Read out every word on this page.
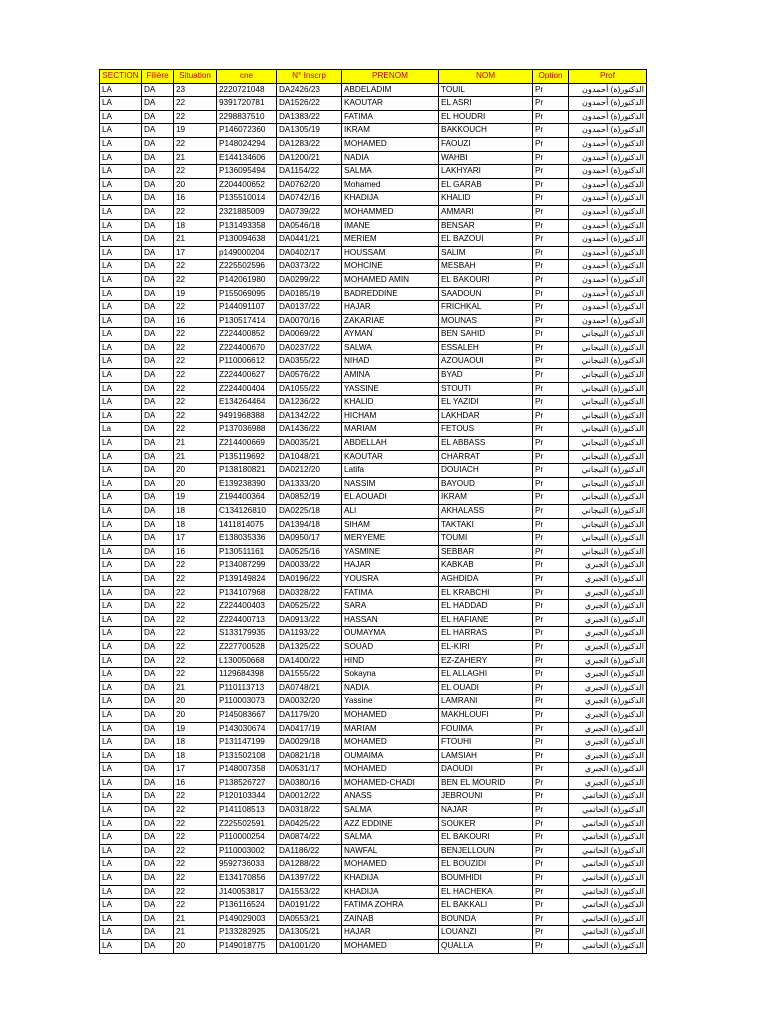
SECTION	Filière	Situation	cne	N° Inscrp	PRENOM	NOM	Option	Prof
LA	DA	23	2220721048	DA2426/23	ABDELADIM	TOUIL	Pr	الدكتور(ة) أحمدون
LA	DA	22	9391720781	DA1526/22	KAOUTAR	EL ASRI	Pr	الدكتور(ة) أحمدون
LA	DA	22	2298837510	DA1383/22	FATIMA	EL HOUDRI	Pr	الدكتور(ة) أحمدون
LA	DA	19	P146072360	DA1305/19	IKRAM	BAKKOUCH	Pr	الدكتور(ة) أحمدون
LA	DA	22	P148024294	DA1283/22	MOHAMED	FAOUZI	Pr	الدكتور(ة) أحمدون
LA	DA	21	E144134606	DA1200/21	NADIA	WAHBI	Pr	الدكتور(ة) أحمدون
LA	DA	22	P136095494	DA1154/22	SALMA	LAKHYARI	Pr	الدكتور(ة) أحمدون
LA	DA	20	Z204400652	DA0762/20	Mohamed	EL GARAB	Pr	الدكتور(ة) أحمدون
LA	DA	16	P135510014	DA0742/16	KHADIJA	KHALID	Pr	الدكتور(ة) أحمدون
LA	DA	22	2321885009	DA0739/22	MOHAMMED	AMMARI	Pr	الدكتور(ة) أحمدون
LA	DA	18	P131493358	DA0546/18	IMANE	BENSAR	Pr	الدكتور(ة) أحمدون
LA	DA	21	P130094638	DA0441/21	MERIEM	EL BAZOUI	Pr	الدكتور(ة) أحمدون
LA	DA	17	p149000204	DA0402/17	HOUSSAM	SALIM	Pr	الدكتور(ة) أحمدون
LA	DA	22	Z225502596	DA0373/22	MOHCINE	MESBAH	Pr	الدكتور(ة) أحمدون
LA	DA	22	P142061980	DA0299/22	MOHAMED AMIN	EL BAKOURI	Pr	الدكتور(ة) أحمدون
LA	DA	19	P155069095	DA0185/19	BADREDDINE	SAADOUN	Pr	الدكتور(ة) أحمدون
LA	DA	22	P144091107	DA0137/22	HAJAR	FRICHKAL	Pr	الدكتور(ة) أحمدون
LA	DA	16	P130517414	DA0070/16	ZAKARIAE	MOUNAS	Pr	الدكتور(ة) أحمدون
LA	DA	22	Z224400852	DA0069/22	AYMAN	BEN SAHID	Pr	الدكتور(ة) التيجاني
LA	DA	22	Z224400670	DA0237/22	SALWA	ESSALEH	Pr	الدكتور(ة) التيجاني
LA	DA	22	P110006612	DA0355/22	NIHAD	AZOUAOUI	Pr	الدكتور(ة) التيجاني
LA	DA	22	Z224400627	DA0576/22	AMINA	BYAD	Pr	الدكتور(ة) التيجاني
LA	DA	22	Z224400404	DA1055/22	YASSINE	STOUTI	Pr	الدكتور(ة) التيجاني
LA	DA	22	E134264464	DA1236/22	KHALID	EL YAZIDI	Pr	الدكتور(ة) التيجاني
LA	DA	22	9491968388	DA1342/22	HICHAM	LAKHDAR	Pr	الدكتور(ة) التيجاني
La	DA	22	P137036988	DA1436/22	MARIAM	FETOUS	Pr	الدكتور(ة) التيجاني
LA	DA	21	Z214400669	DA0035/21	ABDELLAH	EL ABBASS	Pr	الدكتور(ة) التيجاني
LA	DA	21	P135119692	DA1048/21	KAOUTAR	CHARRAT	Pr	الدكتور(ة) التيجاني
LA	DA	20	P138180821	DA0212/20	Latifa	DOUIACH	Pr	الدكتور(ة) التيجاني
LA	DA	20	E139238390	DA1333/20	NASSIM	BAYOUD	Pr	الدكتور(ة) التيجاني
LA	DA	19	Z194400364	DA0852/19	EL AOUADI	IKRAM	Pr	الدكتور(ة) التيجاني
LA	DA	18	C134126810	DA0225/18	ALI	AKHALASS	Pr	الدكتور(ة) التيجاني
LA	DA	18	1411814075	DA1394/18	SIHAM	TAKTAKI	Pr	الدكتور(ة) التيجاني
LA	DA	17	E138035336	DA0950/17	MERYEME	TOUMI	Pr	الدكتور(ة) التيجاني
LA	DA	16	P130511161	DA0525/16	YASMINE	SEBBAR	Pr	الدكتور(ة) التيجاني
LA	DA	22	P134087299	DA0033/22	HAJAR	KABKAB	Pr	الدكتور(ة) الجبري
LA	DA	22	P139149824	DA0196/22	YOUSRA	AGHDIDA	Pr	الدكتور(ة) الجبري
LA	DA	22	P134107968	DA0328/22	FATIMA	EL KRABCHI	Pr	الدكتور(ة) الجبري
LA	DA	22	Z224400403	DA0525/22	SARA	EL HADDAD	Pr	الدكتور(ة) الجبري
LA	DA	22	Z224400713	DA0913/22	HASSAN	EL HAFIANE	Pr	الدكتور(ة) الجبري
LA	DA	22	S133179935	DA1193/22	OUMAYMA	EL HARRAS	Pr	الدكتور(ة) الجبري
LA	DA	22	Z227700528	DA1325/22	SOUAD	EL-KIRI	Pr	الدكتور(ة) الجبري
LA	DA	22	L130050668	DA1400/22	HIND	EZ-ZAHERY	Pr	الدكتور(ة) الجبري
LA	DA	22	1129684398	DA1555/22	Sokayna	EL ALLAGHI	Pr	الدكتور(ة) الجبري
LA	DA	21	P110113713	DA0748/21	NADIA	EL OUADI	Pr	الدكتور(ة) الجبري
LA	DA	20	P110003073	DA0032/20	Yassine	LAMRANI	Pr	الدكتور(ة) الجبري
LA	DA	20	P145083667	DA1179/20	MOHAMED	MAKHLOUFI	Pr	الدكتور(ة) الجبري
LA	DA	19	P143030674	DA0417/19	MARIAM	FOUIMA	Pr	الدكتور(ة) الجبري
LA	DA	18	P131147199	DA0029/18	MOHAMED	FTOUHI	Pr	الدكتور(ة) الجبري
LA	DA	18	P131502108	DA0821/18	OUMAIMA	LAMSIAH	Pr	الدكتور(ة) الجبري
LA	DA	17	P148007358	DA0531/17	MOHAMED	DAOUDI	Pr	الدكتور(ة) الجبري
LA	DA	16	P138526727	DA0380/16	MOHAMED-CHADI	BEN EL MOURID	Pr	الدكتور(ة) الجبري
LA	DA	22	P120103344	DA0012/22	ANASS	JEBROUNI	Pr	الدكتور(ة) الحاتمي
LA	DA	22	P141108513	DA0318/22	SALMA	NAJAR	Pr	الدكتور(ة) الحاتمي
LA	DA	22	Z225502591	DA0425/22	AZZ EDDINE	SOUKER	Pr	الدكتور(ة) الحاتمي
LA	DA	22	P110000254	DA0874/22	SALMA	EL BAKOURI	Pr	الدكتور(ة) الحاتمي
LA	DA	22	P110003002	DA1186/22	NAWFAL	BENJELLOUN	Pr	الدكتور(ة) الحاتمي
LA	DA	22	9592736033	DA1288/22	MOHAMED	EL BOUZIDI	Pr	الدكتور(ة) الحاتمي
LA	DA	22	E134170856	DA1397/22	KHADIJA	BOUMHIDI	Pr	الدكتور(ة) الحاتمي
LA	DA	22	J140053817	DA1553/22	KHADIJA	EL HACHEKA	Pr	الدكتور(ة) الحاتمي
LA	DA	22	P136116524	DA0191/22	FATIMA ZOHRA	EL BAKKALI	Pr	الدكتور(ة) الحاتمي
LA	DA	21	P149029003	DA0553/21	ZAINAB	BOUNDA	Pr	الدكتور(ة) الحاتمي
LA	DA	21	P133282925	DA1305/21	HAJAR	LOUANZI	Pr	الدكتور(ة) الحاتمي
LA	DA	20	P149018775	DA1001/20	MOHAMED	QUALLA	Pr	الدكتور(ة) الحاتمي
